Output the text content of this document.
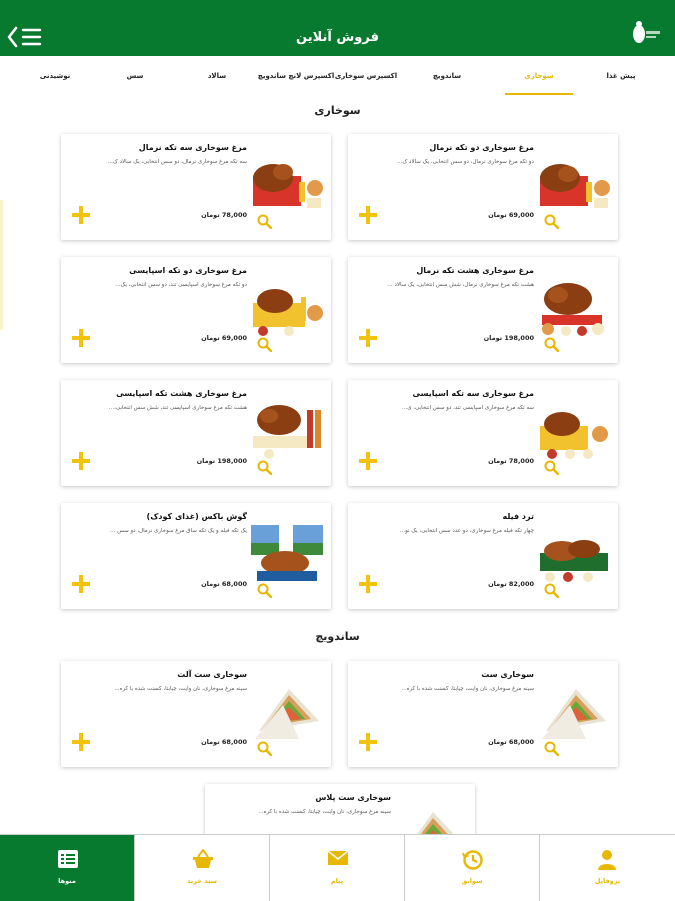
فروش آنلاین
پیش غذا
سوخاری
ساندویچ
اکسپرس سوخاری
اکسپرس لانچ ساندویچ
سالاد
سس
نوشیدنی
سوخاری
مرغ سوخاری دو تکه نرمال
دو تکه مرغ سوخاری نرمال، دو سس انتخابی، یک سالاد ک...
69,000 تومان
مرغ سوخاری سه تکه نرمال
سه تکه مرغ سوخاری نرمال، دو سس انتخابی، یک سالاد ک...
78,000 تومان
مرغ سوخاری هشت تکه نرمال
هشت تکه مرغ سوخاری نرمال، شش سس انتخابی، یک سالاد ...
198,000 تومان
مرغ سوخاری دو تکه اسپایسی
دو تکه مرغ سوخاری اسپایسی تند، دو سس انتخابی، یک...
69,000 تومان
مرغ سوخاری سه تکه اسپایسی
سه تکه مرغ سوخاری اسپایسی تند، دو سس انتخابی، ی...
78,000 تومان
مرغ سوخاری هشت تکه اسپایسی
هشت تکه مرغ سوخاری اسپایسی تند، شش سس انتخابی،...
198,000 تومان
ترد فیله
چهار تکه فیله مرغ سوخاری، دو عدد سس انتخابی، یک نو...
82,000 تومان
گوش باکس (غذای کودک)
یک تکه فیله و یک تکه ساق مرغ سوخاری نرمال، دو سس ...
68,000 تومان
ساندویچ
سوخاری ست
سینه مرغ سوخاری، نان وایت، چیابتا، کسنت شده با کره...
68,000 تومان
سوخاری ست آلت
سینه مرغ سوخاری، نان وایت، چیابتا، کسنت شده با کره...
68,000 تومان
سوخاری ست پلاس
سینه مرغ سوخاری، نان وایت، چیابتا، کسنت شده با کره...
پروفایل
سوابق
پیام
سبد خرید
منوها
